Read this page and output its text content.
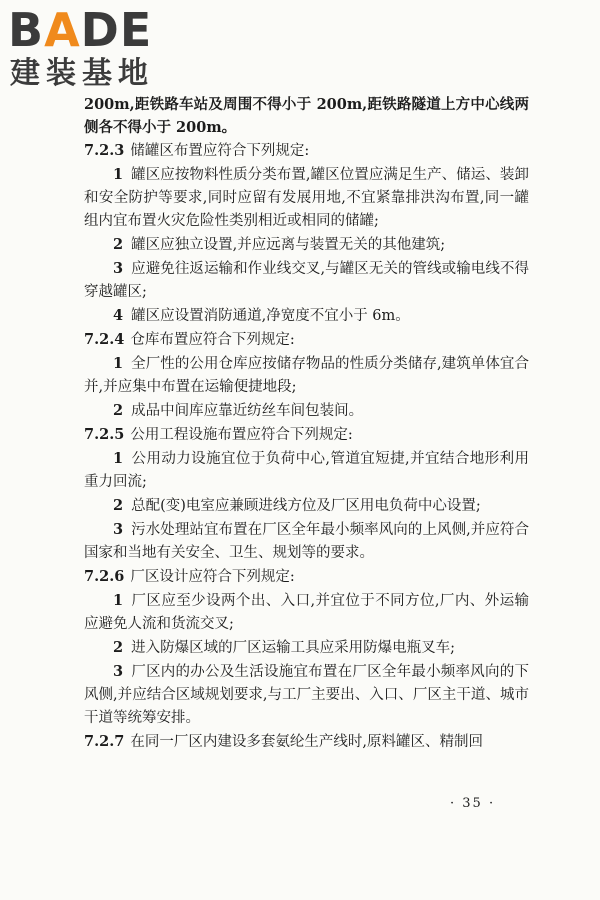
BADE
建装基地

200m,距铁路车站及周围不得小于 200m,距铁路隧道上方中心线两侧各不得小于 200m。

7.2.3 储罐区布置应符合下列规定:

1 罐区应按物料性质分类布置,罐区位置应满足生产、储运、装卸和安全防护等要求,同时应留有发展用地,不宜紧靠排洪沟布置,同一罐组内宜布置火灾危险性类别相近或相同的储罐;

2 罐区应独立设置,并应远离与装置无关的其他建筑;

3 应避免往返运输和作业线交叉,与罐区无关的管线或输电线不得穿越罐区;

4 罐区应设置消防通道,净宽度不宜小于 6m。

7.2.4 仓库布置应符合下列规定:

1 全厂性的公用仓库应按储存物品的性质分类储存,建筑单体宜合并,并应集中布置在运输便捷地段;

2 成品中间库应靠近纺丝车间包装间。

7.2.5 公用工程设施布置应符合下列规定:

1 公用动力设施宜位于负荷中心,管道宜短捷,并宜结合地形利用重力回流;

2 总配(变)电室应兼顾进线方位及厂区用电负荷中心设置;

3 污水处理站宜布置在厂区全年最小频率风向的上风侧,并应符合国家和当地有关安全、卫生、规划等的要求。

7.2.6 厂区设计应符合下列规定:

1 厂区应至少设两个出、入口,并宜位于不同方位,厂内、外运输应避免人流和货流交叉;

2 进入防爆区域的厂区运输工具应采用防爆电瓶叉车;

3 厂区内的办公及生活设施宜布置在厂区全年最小频率风向的下风侧,并应结合区域规划要求,与工厂主要出、入口、厂区主干道、城市干道等统筹安排。

7.2.7 在同一厂区内建设多套氨纶生产线时,原料罐区、精制回

· 35 ·
